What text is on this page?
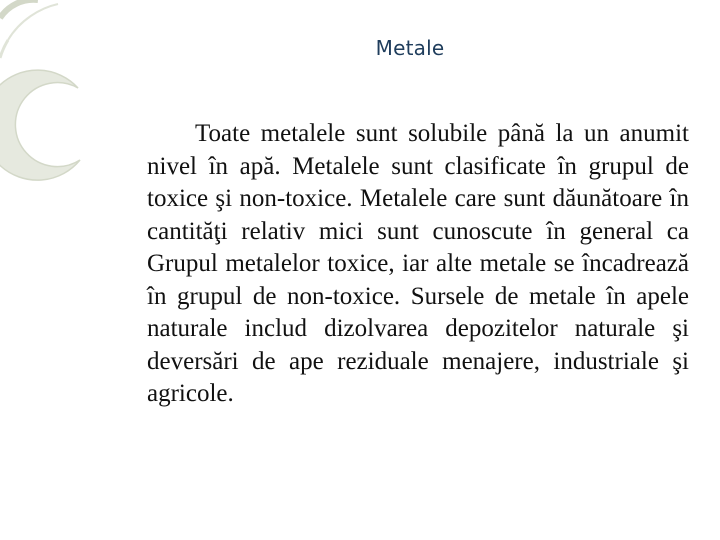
Metale

Toate metalele sunt solubile până la un anumit nivel în apă. Metalele sunt clasificate în grupul de toxice şi non-toxice. Metalele care sunt dăunătoare în cantităţi relativ mici sunt cunoscute în general ca Grupul metalelor toxice, iar alte metale se încadrează în grupul de non-toxice. Sursele de metale în apele naturale includ dizolvarea depozitelor naturale şi deversări de ape reziduale menajere, industriale şi agricole.
